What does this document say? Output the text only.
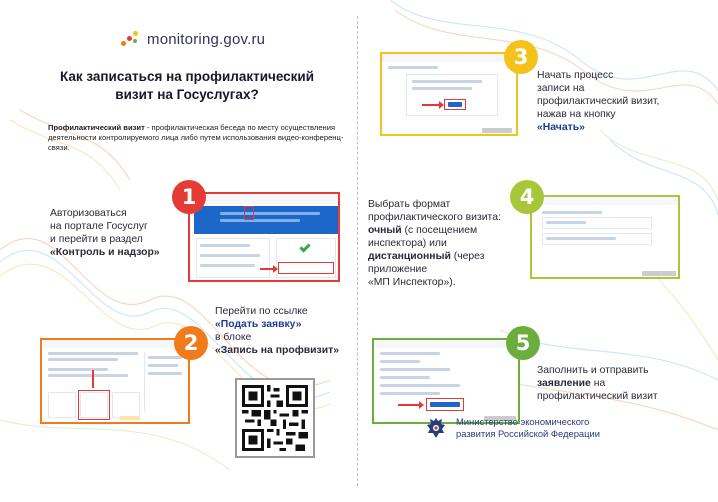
monitoring.gov.ru
Как записаться на профилактический визит на Госуслугах?
Профилактический визит - профилактическая беседа по месту осуществления деятельности контролируемого лица либо путем использования видео-конференц-связи.
Авторизоваться
на портале Госуслуг
и перейти в раздел
«Контроль и надзор»
1
2
Перейти по ссылке
«Подать заявку»
в блоке
«Запись на профвизит»
3
Начать процесс
записи на
профилактический визит,
нажав на кнопку
«Начать»
Выбрать формат
профилактического визита:
очный (с посещением
инспектора) или
дистанционный (через
приложение
«МП Инспектор»).
4
5
Заполнить и отправить
заявление на
профилактический визит
Министерство экономического
развития Российской Федерации
